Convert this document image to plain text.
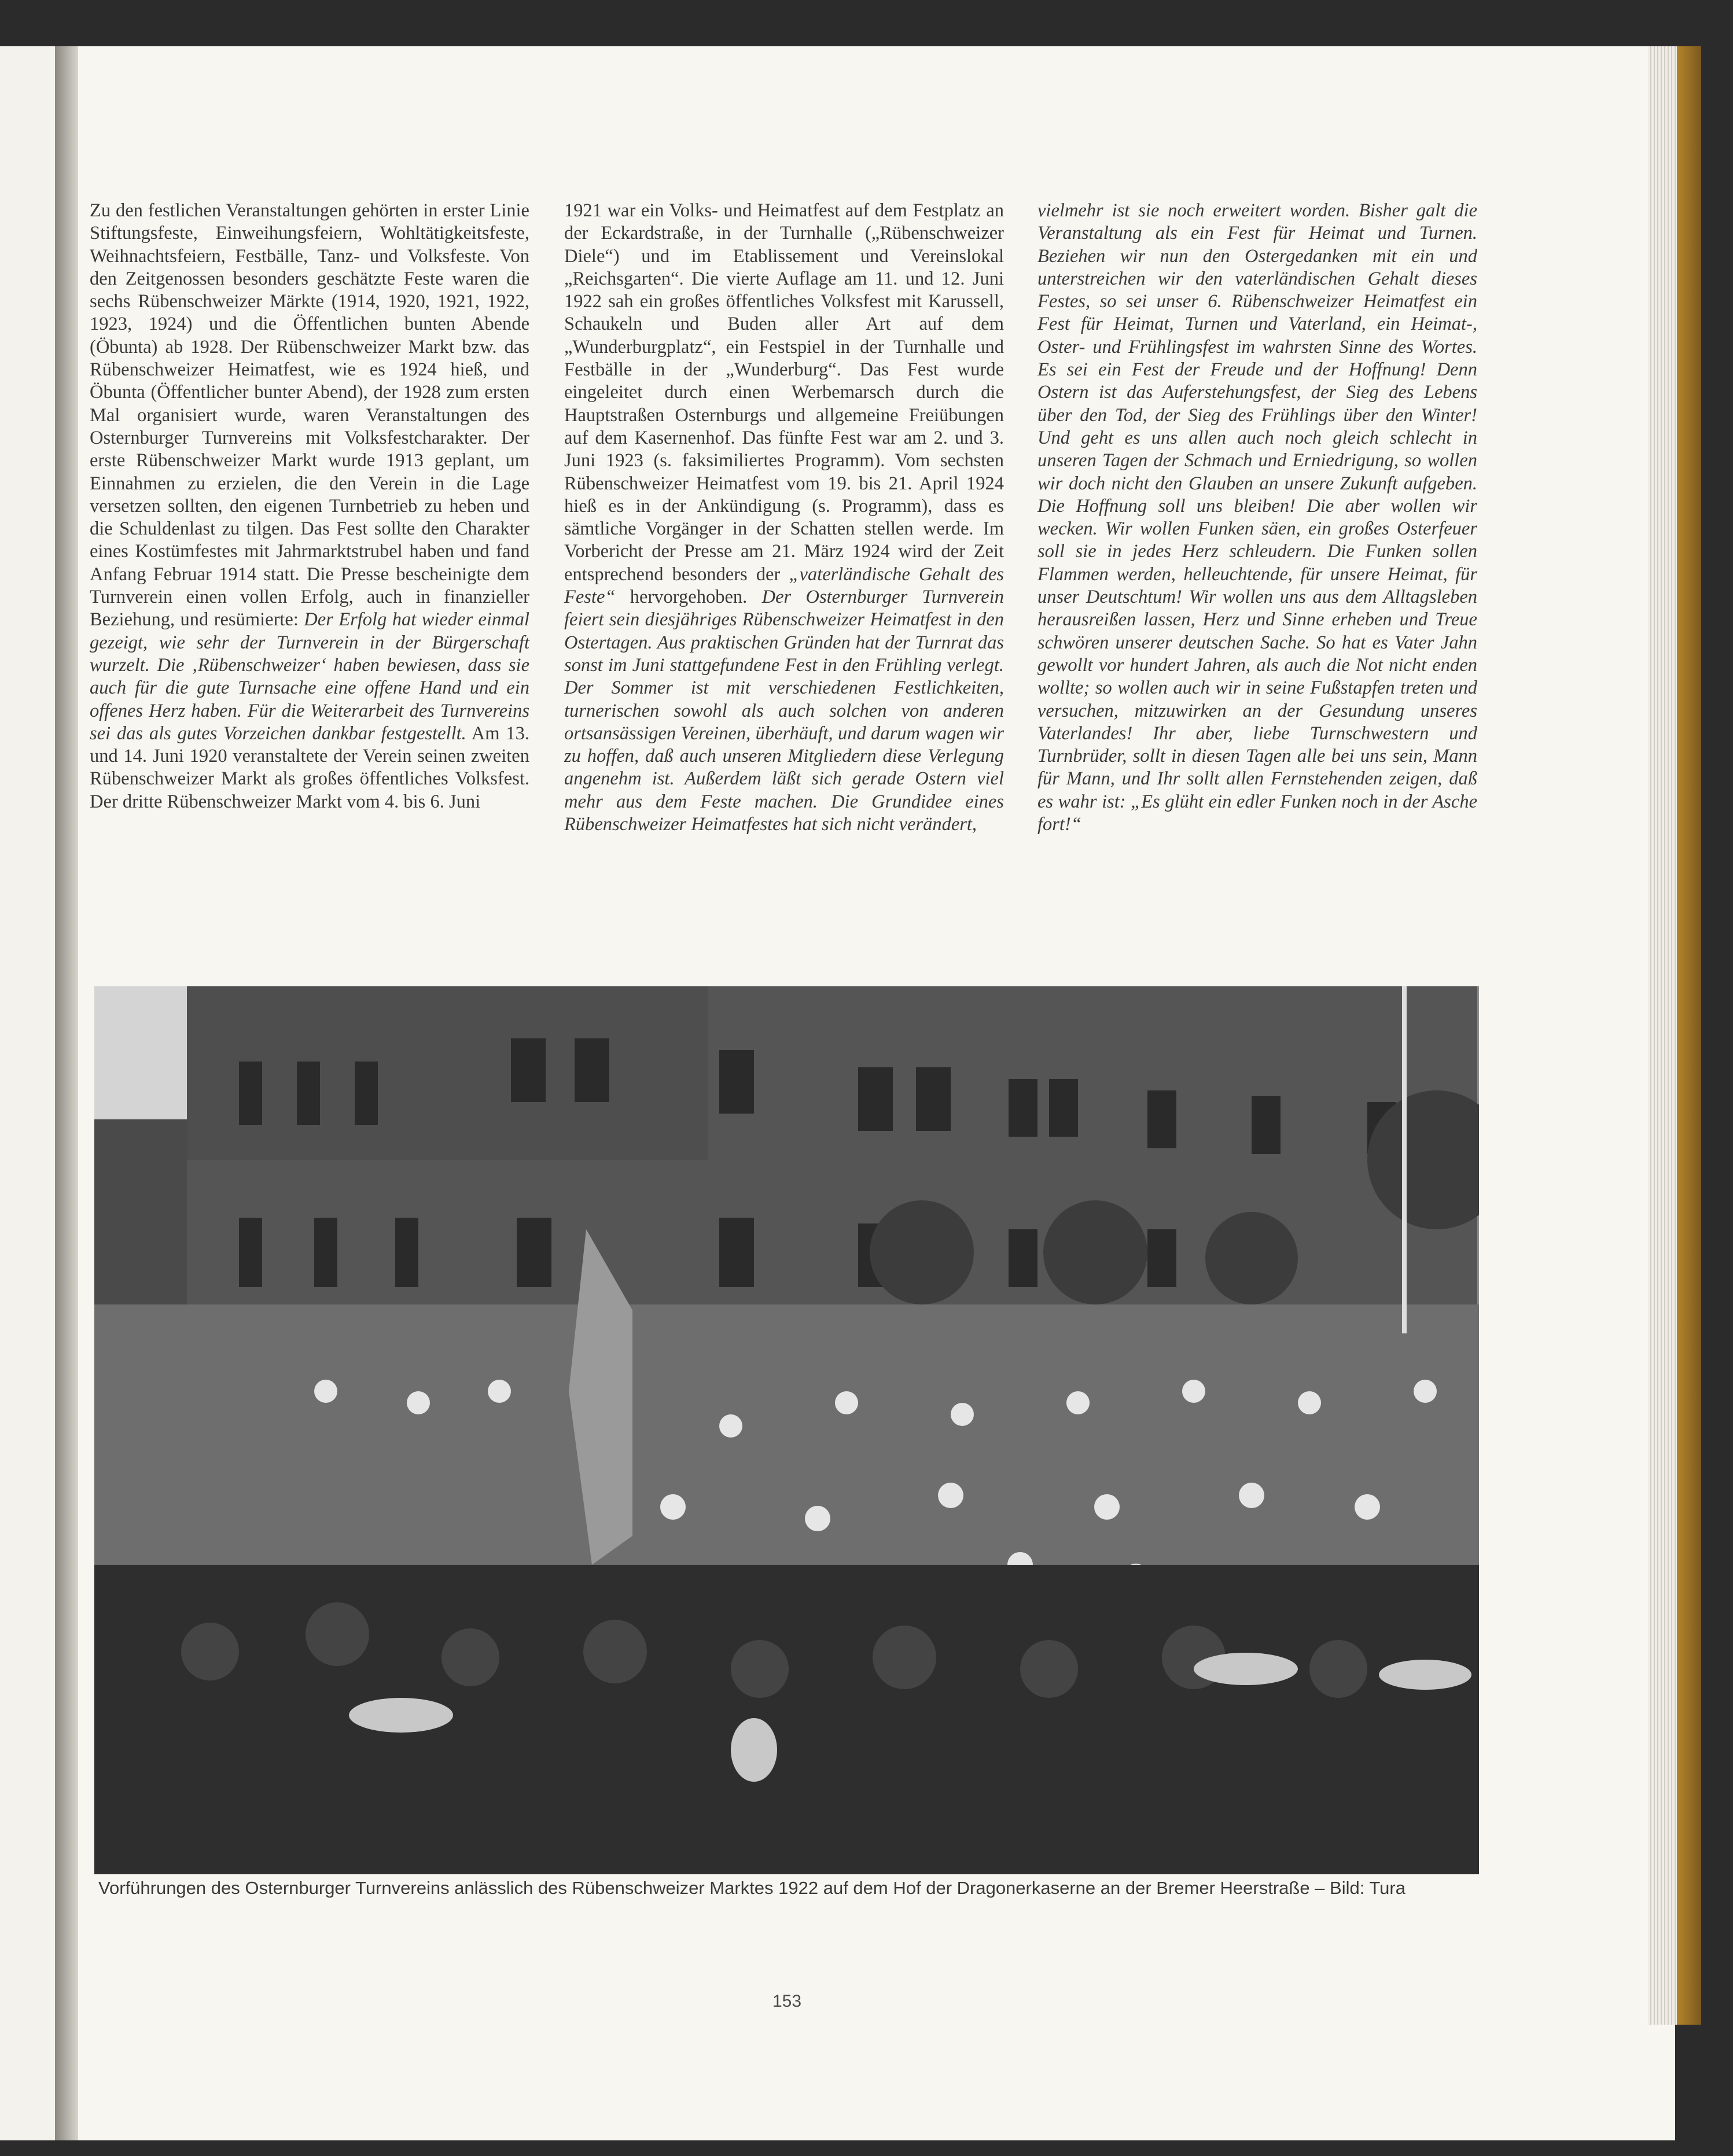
Zu den festlichen Veranstaltungen gehörten in erster Linie Stiftungsfeste, Einweihungsfeiern, Wohltätigkeitsfeste, Weihnachtsfeiern, Festbälle, Tanz- und Volksfeste. Von den Zeitgenossen besonders geschätzte Feste waren die sechs Rübenschweizer Märkte (1914, 1920, 1921, 1922, 1923, 1924) und die Öffentlichen bunten Abende (Öbunta) ab 1928. Der Rübenschweizer Markt bzw. das Rübenschweizer Heimatfest, wie es 1924 hieß, und Öbunta (Öffentlicher bunter Abend), der 1928 zum ersten Mal organisiert wurde, waren Veranstaltungen des Osternburger Turnvereins mit Volksfestcharakter. Der erste Rübenschweizer Markt wurde 1913 geplant, um Einnahmen zu erzielen, die den Verein in die Lage versetzen sollten, den eigenen Turnbetrieb zu heben und die Schuldenlast zu tilgen. Das Fest sollte den Charakter eines Kostümfestes mit Jahrmarktstrubel haben und fand Anfang Februar 1914 statt. Die Presse bescheinigte dem Turnverein einen vollen Erfolg, auch in finanzieller Beziehung, und resümierte: Der Erfolg hat wieder einmal gezeigt, wie sehr der Turnverein in der Bürgerschaft wurzelt. Die ‚Rübenschweizer‘ haben bewiesen, dass sie auch für die gute Turnsache eine offene Hand und ein offenes Herz haben. Für die Weiterarbeit des Turnvereins sei das als gutes Vorzeichen dankbar festgestellt. Am 13. und 14. Juni 1920 veranstaltete der Verein seinen zweiten Rübenschweizer Markt als großes öffentliches Volksfest. Der dritte Rübenschweizer Markt vom 4. bis 6. Juni
1921 war ein Volks- und Heimatfest auf dem Festplatz an der Eckardstraße, in der Turnhalle („Rübenschweizer Diele“) und im Etablissement und Vereinslokal „Reichsgarten“. Die vierte Auflage am 11. und 12. Juni 1922 sah ein großes öffentliches Volksfest mit Karussell, Schaukeln und Buden aller Art auf dem „Wunderburgplatz“, ein Festspiel in der Turnhalle und Festbälle in der „Wunderburg“. Das Fest wurde eingeleitet durch einen Werbemarsch durch die Hauptstraßen Osternburgs und allgemeine Freiübungen auf dem Kasernenhof. Das fünfte Fest war am 2. und 3. Juni 1923 (s. faksimiliertes Programm). Vom sechsten Rübenschweizer Heimatfest vom 19. bis 21. April 1924 hieß es in der Ankündigung (s. Programm), dass es sämtliche Vorgänger in der Schatten stellen werde. Im Vorbericht der Presse am 21. März 1924 wird der Zeit entsprechend besonders der „vaterländische Gehalt des Feste“ hervorgehoben. Der Osternburger Turnverein feiert sein diesjähriges Rübenschweizer Heimatfest in den Ostertagen. Aus praktischen Gründen hat der Turnrat das sonst im Juni stattgefundene Fest in den Frühling verlegt. Der Sommer ist mit verschiedenen Festlichkeiten, turnerischen sowohl als auch solchen von anderen ortsansässigen Vereinen, überhäuft, und darum wagen wir zu hoffen, daß auch unseren Mitgliedern diese Verlegung angenehm ist. Außerdem läßt sich gerade Ostern viel mehr aus dem Feste machen. Die Grundidee eines Rübenschweizer Heimatfestes hat sich nicht verändert,
vielmehr ist sie noch erweitert worden. Bisher galt die Veranstaltung als ein Fest für Heimat und Turnen. Beziehen wir nun den Ostergedanken mit ein und unterstreichen wir den vaterländischen Gehalt dieses Festes, so sei unser 6. Rübenschweizer Heimatfest ein Fest für Heimat, Turnen und Vaterland, ein Heimat-, Oster- und Frühlingsfest im wahrsten Sinne des Wortes. Es sei ein Fest der Freude und der Hoffnung! Denn Ostern ist das Auferstehungsfest, der Sieg des Lebens über den Tod, der Sieg des Frühlings über den Winter! Und geht es uns allen auch noch gleich schlecht in unseren Tagen der Schmach und Erniedrigung, so wollen wir doch nicht den Glauben an unsere Zukunft aufgeben. Die Hoffnung soll uns bleiben! Die aber wollen wir wecken. Wir wollen Funken säen, ein großes Osterfeuer soll sie in jedes Herz schleudern. Die Funken sollen Flammen werden, helleuchtende, für unsere Heimat, für unser Deutschtum! Wir wollen uns aus dem Alltagsleben herausreißen lassen, Herz und Sinne erheben und Treue schwören unserer deutschen Sache. So hat es Vater Jahn gewollt vor hundert Jahren, als auch die Not nicht enden wollte; so wollen auch wir in seine Fußstapfen treten und versuchen, mitzuwirken an der Gesundung unseres Vaterlandes! Ihr aber, liebe Turnschwestern und Turnbrüder, sollt in diesen Tagen alle bei uns sein, Mann für Mann, und Ihr sollt allen Fernstehenden zeigen, daß es wahr ist: „Es glüht ein edler Funken noch in der Asche fort!“
Vorführungen des Osternburger Turnvereins anlässlich des Rübenschweizer Marktes 1922 auf dem Hof der Dragonerkaserne an der Bremer Heerstraße – Bild: Tura
153
